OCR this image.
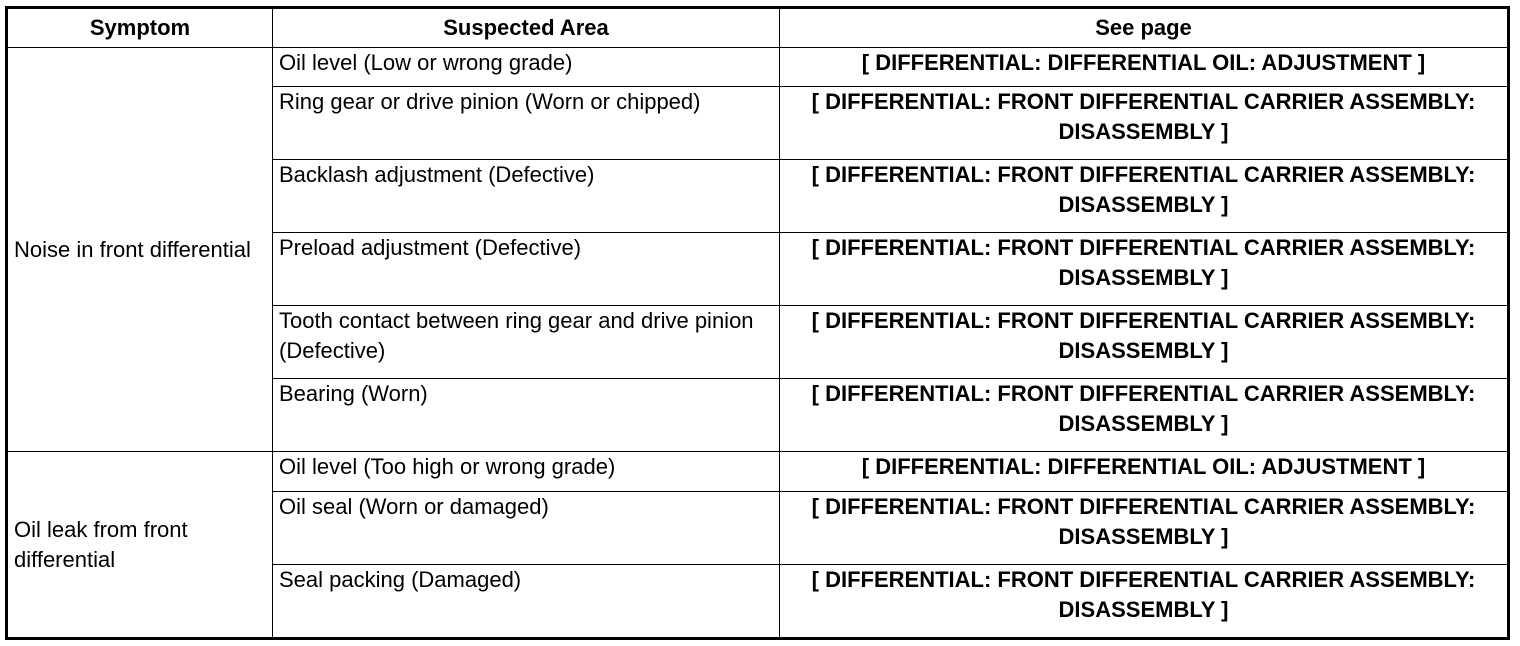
Symptom	Suspected Area	See page
Noise in front differential	Oil level (Low or wrong grade)	[ DIFFERENTIAL: DIFFERENTIAL OIL: ADJUSTMENT ]
	Ring gear or drive pinion (Worn or chipped)	[ DIFFERENTIAL: FRONT DIFFERENTIAL CARRIER ASSEMBLY: DISASSEMBLY ]
	Backlash adjustment (Defective)	[ DIFFERENTIAL: FRONT DIFFERENTIAL CARRIER ASSEMBLY: DISASSEMBLY ]
	Preload adjustment (Defective)	[ DIFFERENTIAL: FRONT DIFFERENTIAL CARRIER ASSEMBLY: DISASSEMBLY ]
	Tooth contact between ring gear and drive pinion (Defective)	[ DIFFERENTIAL: FRONT DIFFERENTIAL CARRIER ASSEMBLY: DISASSEMBLY ]
	Bearing (Worn)	[ DIFFERENTIAL: FRONT DIFFERENTIAL CARRIER ASSEMBLY: DISASSEMBLY ]
Oil leak from front differential	Oil level (Too high or wrong grade)	[ DIFFERENTIAL: DIFFERENTIAL OIL: ADJUSTMENT ]
	Oil seal (Worn or damaged)	[ DIFFERENTIAL: FRONT DIFFERENTIAL CARRIER ASSEMBLY: DISASSEMBLY ]
	Seal packing (Damaged)	[ DIFFERENTIAL: FRONT DIFFERENTIAL CARRIER ASSEMBLY: DISASSEMBLY ]
